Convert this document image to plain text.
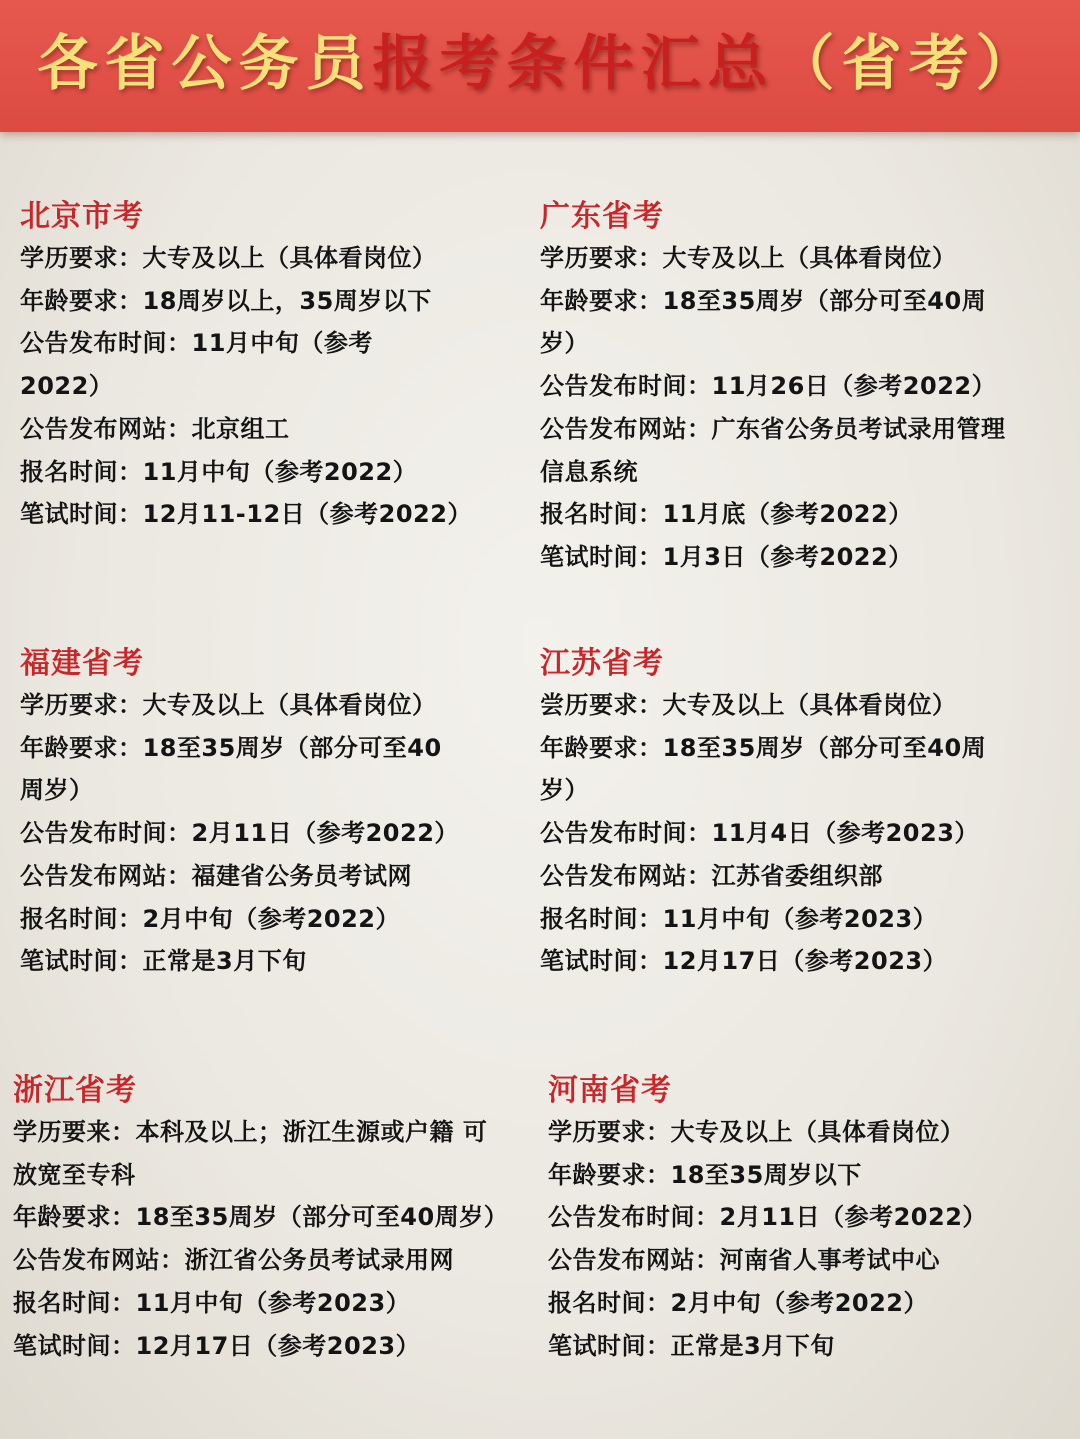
各省公务员报考条件汇总（省考）
北京市考
学历要求：大专及以上（具体看岗位）
年龄要求：18周岁以上，35周岁以下
公告发布时间：11月中旬（参考
2022）
公告发布网站：北京组工
报名时间：11月中旬（参考2022）
笔试时间：12月11-12日（参考2022）
广东省考
学历要求：大专及以上（具体看岗位）
年龄要求：18至35周岁（部分可至40周
岁）
公告发布时间：11月26日（参考2022）
公告发布网站：广东省公务员考试录用管理
信息系统
报名时间：11月底（参考2022）
笔试时间：1月3日（参考2022）
福建省考
学历要求：大专及以上（具体看岗位）
年龄要求：18至35周岁（部分可至40
周岁）
公告发布时间：2月11日（参考2022）
公告发布网站：福建省公务员考试网
报名时间：2月中旬（参考2022）
笔试时间：正常是3月下旬
江苏省考
尝历要求：大专及以上（具体看岗位）
年龄要求：18至35周岁（部分可至40周
岁）
公告发布时间：11月4日（参考2023）
公告发布网站：江苏省委组织部
报名时间：11月中旬（参考2023）
笔试时间：12月17日（参考2023）
浙江省考
学历要来：本科及以上；浙江生源或户籍 可
放宽至专科
年龄要求：18至35周岁（部分可至40周岁）
公告发布网站：浙江省公务员考试录用网
报名时间：11月中旬（参考2023）
笔试时间：12月17日（参考2023）
河南省考
学历要求：大专及以上（具体看岗位）
年龄要求：18至35周岁以下
公告发布时间：2月11日（参考2022）
公告发布网站：河南省人事考试中心
报名时间：2月中旬（参考2022）
笔试时间：正常是3月下旬
